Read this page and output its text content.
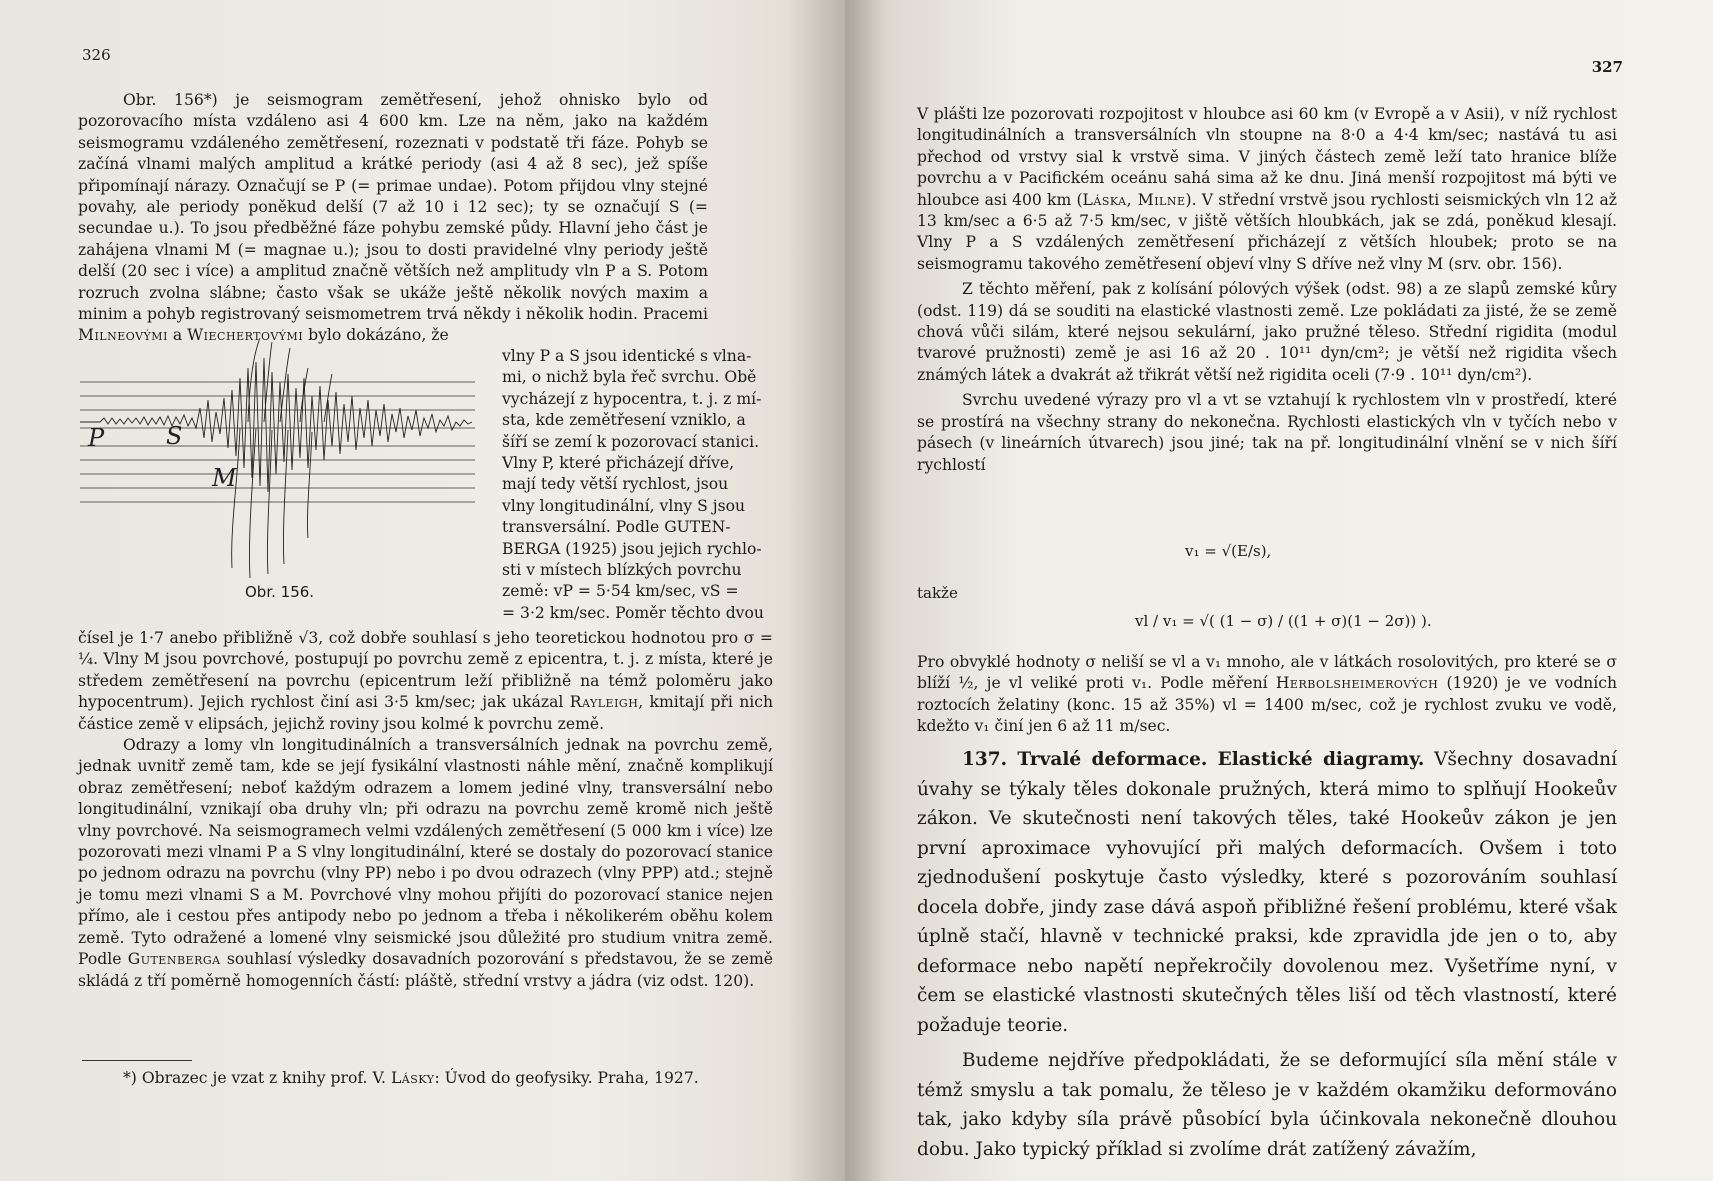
326

Obr. 156*) je seismogram zemětřesení, jehož ohnisko bylo od pozorovacího místa vzdáleno asi 4 600 km. Lze na něm, jako na každém seismogramu vzdáleného zemětřesení, rozeznati v podstatě tři fáze. Pohyb se začíná vlnami malých amplitud a krátké periody (asi 4 až 8 sec), jež spíše připomínají nárazy. Označují se P (= primae undae). Potom přijdou vlny stejné povahy, ale periody poněkud delší (7 až 10 i 12 sec); ty se označují S (= secundae u.). To jsou předběžné fáze pohybu zemské půdy. Hlavní jeho část je zahájena vlnami M (= magnae u.); jsou to dosti pravidelné vlny periody ještě delší (20 sec i více) a amplitud značně větších než amplitudy vln P a S. Potom rozruch zvolna slábne; často však se ukáže ještě několik nových maxim a minim a pohyb registrovaný seismometrem trvá někdy i několik hodin. Pracemi Milneovými a Wiechertovými bylo dokázáno, že

P	S
M
Obr. 156.

vlny P a S jsou identické s vlna-

mi, o nichž byla řeč svrchu. Obě

vycházejí z hypocentra, t. j. z mí-

sta, kde zemětřesení vzniklo, a

šíří se zemí k pozorovací stanici.

Vlny P, které přicházejí dříve,

mají tedy větší rychlost, jsou

vlny longitudinální, vlny S jsou

transversální. Podle GUTEN-

BERGA (1925) jsou jejich rychlo-

sti v místech blízkých povrchu

země: vP = 5·54 km/sec, vS =

= 3·2 km/sec. Poměr těchto dvou

čísel je 1·7 anebo přibližně √3, což dobře souhlasí s jeho teoretickou hodnotou pro σ = ¼. Vlny M jsou povrchové, postupují po povrchu země z epicentra, t. j. z místa, které je středem zemětřesení na povrchu (epicentrum leží přibližně na témž poloměru jako hypocentrum). Jejich rychlost činí asi 3·5 km/sec; jak ukázal Rayleigh, kmitají při nich částice země v elipsách, jejichž roviny jsou kolmé k povrchu země.

Odrazy a lomy vln longitudinálních a transversálních jednak na povrchu země, jednak uvnitř země tam, kde se její fysikální vlastnosti náhle mění, značně komplikují obraz zemětřesení; neboť každým odrazem a lomem jediné vlny, transversální nebo longitudinální, vznikají oba druhy vln; při odrazu na povrchu země kromě nich ještě vlny povrchové. Na seismogramech velmi vzdálených zemětřesení (5 000 km i více) lze pozorovati mezi vlnami P a S vlny longitudinální, které se dostaly do pozorovací stanice po jednom odrazu na povrchu (vlny PP) nebo i po dvou odrazech (vlny PPP) atd.; stejně je tomu mezi vlnami S a M. Povrchové vlny mohou přijíti do pozorovací stanice nejen přímo, ale i cestou přes antipody nebo po jednom a třeba i několikerém oběhu kolem země. Tyto odražené a lomené vlny seismické jsou důležité pro studium vnitra země. Podle Gutenberga souhlasí výsledky dosavadních pozorování s představou, že se země skládá z tří poměrně homogenních částí: pláště, střední vrstvy a jádra (viz odst. 120).

*) Obrazec je vzat z knihy prof. V. Lásky: Úvod do geofysiky. Praha, 1927.

327

V plášti lze pozorovati rozpojitost v hloubce asi 60 km (v Evropě a v Asii), v níž rychlost longitudinálních a transversálních vln stoupne na 8·0 a 4·4 km/sec; nastává tu asi přechod od vrstvy sial k vrstvě sima. V jiných částech země leží tato hranice blíže povrchu a v Pacifickém oceánu sahá sima až ke dnu. Jiná menší rozpojitost má býti ve hloubce asi 400 km (Láska, Milne). V střední vrstvě jsou rychlosti seismických vln 12 až 13 km/sec a 6·5 až 7·5 km/sec, v jiště větších hloubkách, jak se zdá, poněkud klesají. Vlny P a S vzdálených zemětřesení přicházejí z větších hloubek; proto se na seismogramu takového zemětřesení objeví vlny S dříve než vlny M (srv. obr. 156).

Z těchto měření, pak z kolísání pólových výšek (odst. 98) a ze slapů zemské kůry (odst. 119) dá se souditi na elastické vlastnosti země. Lze pokládati za jisté, že se země chová vůči silám, které nejsou sekulární, jako pružné těleso. Střední rigidita (modul tvarové pružnosti) země je asi 16 až 20 . 10¹¹ dyn/cm²; je větší než rigidita všech známých látek a dvakrát až třikrát větší než rigidita oceli (7·9 . 10¹¹ dyn/cm²).

Svrchu uvedené výrazy pro vl a vt se vztahují k rychlostem vln v prostředí, které se prostírá na všechny strany do nekonečna. Rychlosti elastických vln v tyčích nebo v pásech (v lineárních útvarech) jsou jiné; tak na př. longitudinální vlnění se v nich šíří rychlostí

v₁ = √(E/s),
takže
vl / v₁ = √( (1 − σ) / ((1 + σ)(1 − 2σ)) ).

Pro obvyklé hodnoty σ neliší se vl a v₁ mnoho, ale v látkách rosolovitých, pro které se σ blíží ½, je vl veliké proti v₁. Podle měření Herbolsheimerových (1920) je ve vodních roztocích želatiny (konc. 15 až 35%) vl = 1400 m/sec, což je rychlost zvuku ve vodě, kdežto v₁ činí jen 6 až 11 m/sec.

137. Trvalé deformace. Elastické diagramy. Všechny dosavadní úvahy se týkaly těles dokonale pružných, která mimo to splňují Hookeův zákon. Ve skutečnosti není takových těles, také Hookeův zákon je jen první aproximace vyhovující při malých deformacích. Ovšem i toto zjednodušení poskytuje často výsledky, které s pozorováním souhlasí docela dobře, jindy zase dává aspoň přibližné řešení problému, které však úplně stačí, hlavně v technické praksi, kde zpravidla jde jen o to, aby deformace nebo napětí nepřekročily dovolenou mez. Vyšetříme nyní, v čem se elastické vlastnosti skutečných těles liší od těch vlastností, které požaduje teorie.

Budeme nejdříve předpokládati, že se deformující síla mění stále v témž smyslu a tak pomalu, že těleso je v každém okamžiku deformováno tak, jako kdyby síla právě působící byla účinkovala nekonečně dlouhou dobu. Jako typický příklad si zvolíme drát zatížený závažím,
